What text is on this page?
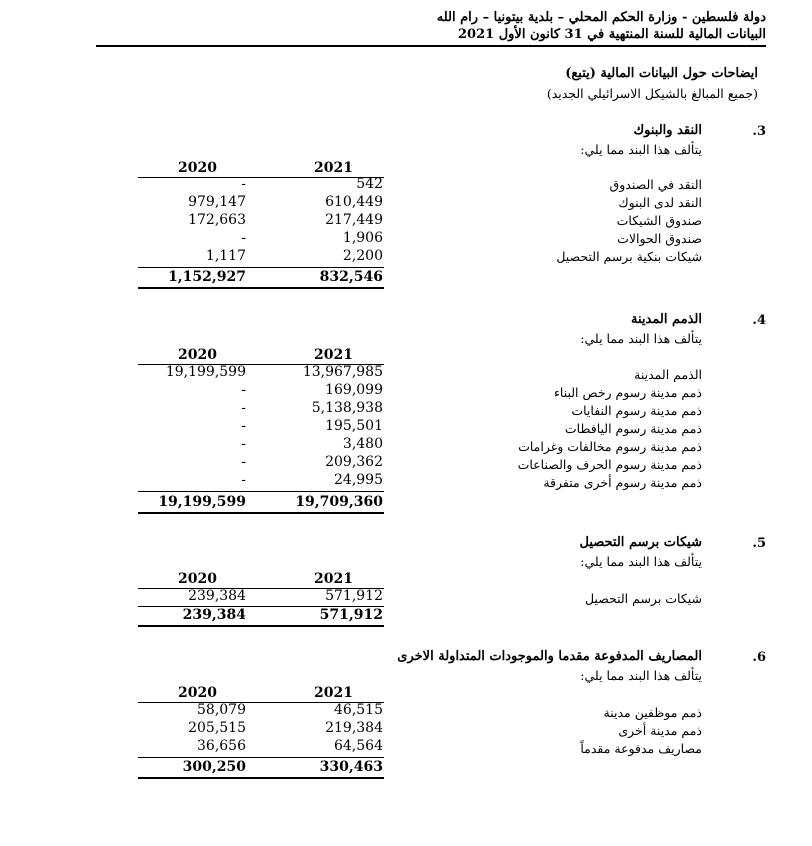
دولة فلسطين - وزارة الحكم المحلي – بلدية بيتونيا – رام الله
البيانات المالية للسنة المنتهية في 31 كانون الأول 2021
ايضاحات حول البيانات المالية (يتبع)
(جميع المبالغ بالشيكل الاسرائيلي الجديد)
.3
النقد والبنوك
يتألف هذا البند مما يلي:
2021
2020
النقد في الصندوق
542
-
النقد لدى البنوك
610,449
979,147
صندوق الشيكات
217,449
172,663
صندوق الحوالات
1,906
-
شيكات بنكية برسم التحصيل
2,200
1,117
832,546
1,152,927
.4
الذمم المدينة
يتألف هذا البند مما يلي:
2021
2020
الذمم المدينة
13,967,985
19,199,599
ذمم مدينة رسوم رخص البناء
169,099
-
ذمم مدينة رسوم النفايات
5,138,938
-
ذمم مدينة رسوم اليافطات
195,501
-
ذمم مدينة رسوم مخالفات وغرامات
3,480
-
ذمم مدينة رسوم الحرف والصناعات
209,362
-
ذمم مدينة رسوم أخرى متفرقة
24,995
-
19,709,360
19,199,599
.5
شيكات برسم التحصيل
يتألف هذا البند مما يلي:
2021
2020
شيكات برسم التحصيل
571,912
239,384
571,912
239,384
.6
المصاريف المدفوعة مقدما والموجودات المتداولة الاخرى
يتألف هذا البند مما يلي:
2021
2020
ذمم موظفين مدينة
46,515
58,079
ذمم مدينة أخرى
219,384
205,515
مصاريف مدفوعة مقدماً
64,564
36,656
330,463
300,250
